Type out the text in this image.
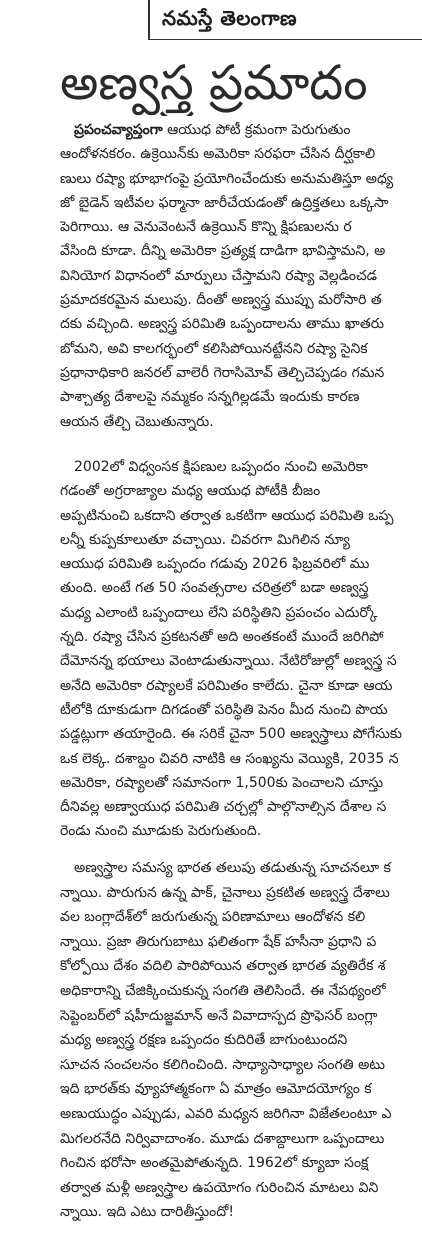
నమస్తే తెలంగాణ
అణ్వస్త్ర ప్రమాదం
ప్రపంచవ్యాప్తంగా ఆయుధ పోటీ క్రమంగా పెరుగుతుం
ఆందోళనకరం. ఉక్రెయిన్‌కు అమెరికా సరఫరా చేసిన దీర్ఘకాలి
ణులు రష్యా భూభాగంపై ప్రయోగించేందుకు అనుమతిస్తూ అధ్య
జో బైడెన్ ఇటీవల ఫర్మానా జారీచేయడంతో ఉద్రిక్తతలు ఒక్కసా
పెరిగాయి. ఆ వెనువెంటనే ఉక్రెయిన్ కొన్ని క్షిపణులను ర
వేసింది కూడా. దీన్ని అమెరికా ప్రత్యక్ష దాడిగా భావిస్తామని, అ
వినియోగ విధానంలో మార్పులు చేస్తామని రష్యా వెల్లడించడ
ప్రమాదకరమైన మలుపు. దీంతో అణ్వస్త్ర ముప్పు మరోసారి త
దకు వచ్చింది. అణ్వస్త్ర పరిమితి ఒప్పందాలను తాము ఖాతరు
బోమని, అవి కాలగర్భంలో కలిసిపోయినట్టేనని రష్యా సైనిక
ప్రధానాధికారి జనరల్ వాలెరీ గెరాసిమోవ్ తెల్చిచెప్పడం గమన
పాశ్చాత్య దేశాలపై నమ్మకం సన్నగిల్లడమే ఇందుకు కారణ
ఆయన తేల్చి చెబుతున్నారు.
2002లో విధ్వంసక క్షిపణుల ఒప్పందం నుంచి అమెరికా
గడంతో అగ్రరాజ్యాల మధ్య ఆయుధ పోటీకి బీజం
అప్పటినుంచి ఒకదాని తర్వాత ఒకటిగా ఆయుధ పరిమితి ఒప్ప
లన్నీ కుప్పకూలుతూ వచ్చాయి. చివరగా మిగిలిన న్యూ
ఆయుధ పరిమితి ఒప్పందం గడువు 2026 ఫిబ్రవరిలో ము
తుంది. అంటే గత 50 సంవత్సరాల చరిత్రలో బడా అణ్వస్త్ర
మధ్య ఎలాంటి ఒప్పందాలు లేని పరిస్థితిని ప్రపంచం ఎదుర్కో
న్నది. రష్యా చేసిన ప్రకటనతో అది అంతకంటే ముందే జరిగిపో
దేమోనన్న భయాలు వెంటాడుతున్నాయి. నేటిరోజుల్లో అణ్వస్త్ర స
అనేది అమెరికా రష్యాలకే పరిమితం కాలేదు. చైనా కూడా ఆయ
టీలోకి దూకుడుగా దిగడంతో పరిస్థితి పెనం మీద నుంచి పొయ
పడ్డట్లుగా తయారైంది. ఈ సరికే చైనా 500 అణ్వస్త్రాలు పోగేసుకు
ఒక లెక్క. దశాబ్దం చివరి నాటికి ఆ సంఖ్యను వెయ్యికి, 2035 న
అమెరికా, రష్యాలతో సమానంగా 1,500కు పెంచాలని చూస్తు
దీనివల్ల అణ్వాయుధ పరిమితి చర్చల్లో పాల్గొనాల్సిన దేశాల స
రెండు నుంచి మూడుకు పెరుగుతుంది.
అణ్వస్త్రాల సమస్య భారత తలుపు తడుతున్న సూచనలూ క
న్నాయి. పొరుగున ఉన్న పాక్, చైనాలు ప్రకటిత అణ్వస్త్ర దేశాలు
వల బంగ్లాదేశ్‌లో జరుగుతున్న పరిణామాలు ఆందోళన కలి
న్నాయి. ప్రజా తిరుగుబాటు ఫలితంగా షేక్ హసీనా ప్రధాని ప
కోల్పోయి దేశం వదిలి పారిపోయిన తర్వాత భారత వ్యతిరేక శ
అధికారాన్ని చేజిక్కించుకున్న సంగతి తెలిసిందే. ఈ నేపథ్యంలో
సెప్టెంబర్‌లో షహీదుజ్జమాన్ అనే వివాదాస్పద ప్రొఫెసర్ బంగ్లా
మధ్య అణ్వస్త్ర రక్షణ ఒప్పందం కుదిరితే బాగుంటుందని
సూచన సంచలనం కలిగించింది. సాధ్యాసాధ్యాల సంగతి అటు
ఇది భారత్‌కు వ్యూహాత్మకంగా ఏ మాత్రం ఆమోదయోగ్యం క
అణుయుద్ధం ఎప్పుడు, ఎవరి మధ్యన జరిగినా విజేతలంటూ ఎ
మిగలరనేది నిర్వివాదాంశం. మూడు దశాబ్దాలుగా ఒప్పందాలు
గించిన భరోసా అంతమైపోతున్నది. 1962లో క్యూబా సంక్ష
తర్వాత మళ్లీ అణ్వస్త్రాల ఉపయోగం గురించిన మాటలు విని
న్నాయి. ఇది ఎటు దారితీస్తుందో!
